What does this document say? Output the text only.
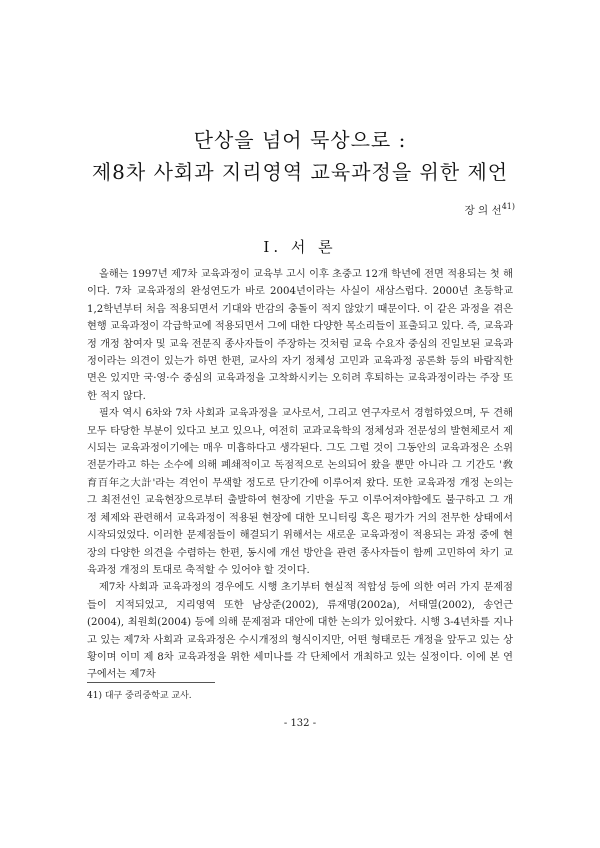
단상을 넘어 묵상으로 :
제8차 사회과 지리영역 교육과정을 위한 제언
장 의 선$^{41)}$
Ⅰ. 서 론

올해는 1997년 제7차 교육과정이 교육부 고시 이후 초중고 12개 학년에 전면 적용되는 첫 해이다. 7차 교육과정의 완성연도가 바로 2004년이라는 사실이 새삼스럽다. 2000년 초등학교 1,2학년부터 처음 적용되면서 기대와 반감의 충돌이 적지 않았기 때문이다. 이 같은 과정을 겪은 현행 교육과정이 각급학교에 적용되면서 그에 대한 다양한 목소리들이 표출되고 있다. 즉, 교육과정 개정 참여자 및 교육 전문직 종사자들이 주장하는 것처럼 교육 수요자 중심의 진일보된 교육과정이라는 의견이 있는가 하면 한편, 교사의 자기 정체성 고민과 교육과정 공론화 등의 바람직한 면은 있지만 국·영·수 중심의 교육과정을 고착화시키는 오히려 후퇴하는 교육과정이라는 주장 또한 적지 않다.

필자 역시 6차와 7차 사회과 교육과정을 교사로서, 그리고 연구자로서 경험하였으며, 두 견해 모두 타당한 부분이 있다고 보고 있으나, 여전히 교과교육학의 정체성과 전문성의 발현체로서 제시되는 교육과정이기에는 매우 미흡하다고 생각된다. 그도 그럴 것이 그동안의 교육과정은 소위 전문가라고 하는 소수에 의해 폐쇄적이고 독점적으로 논의되어 왔을 뿐만 아니라 그 기간도 '敎育百年之大計'라는 격언이 무색할 정도로 단기간에 이루어져 왔다. 또한 교육과정 개정 논의는 그 최전선인 교육현장으로부터 출발하여 현장에 기반을 두고 이루어져야함에도 불구하고 그 개정 체제와 관련해서 교육과정이 적용된 현장에 대한 모니터링 혹은 평가가 거의 전무한 상태에서 시작되었었다. 이러한 문제점들이 해결되기 위해서는 새로운 교육과정이 적용되는 과정 중에 현장의 다양한 의견을 수렴하는 한편, 동시에 개선 방안을 관련 종사자들이 함께 고민하여 차기 교육과정 개정의 토대로 축적할 수 있어야 할 것이다.

제7차 사회과 교육과정의 경우에도 시행 초기부터 현실적 적합성 등에 의한 여러 가지 문제점들이 지적되었고, 지리영역 또한 남상준(2002), 류재명(2002a), 서태열(2002), 송언근(2004), 최원회(2004) 등에 의해 문제점과 대안에 대한 논의가 있어왔다. 시행 3-4년차를 지나고 있는 제7차 사회과 교육과정은 수시개정의 형식이지만, 어떤 형태로든 개정을 앞두고 있는 상황이며 이미 제 8차 교육과정을 위한 세미나를 각 단체에서 개최하고 있는 실정이다. 이에 본 연구에서는 제7차

41) 대구 중리중학교 교사.
- 132 -
